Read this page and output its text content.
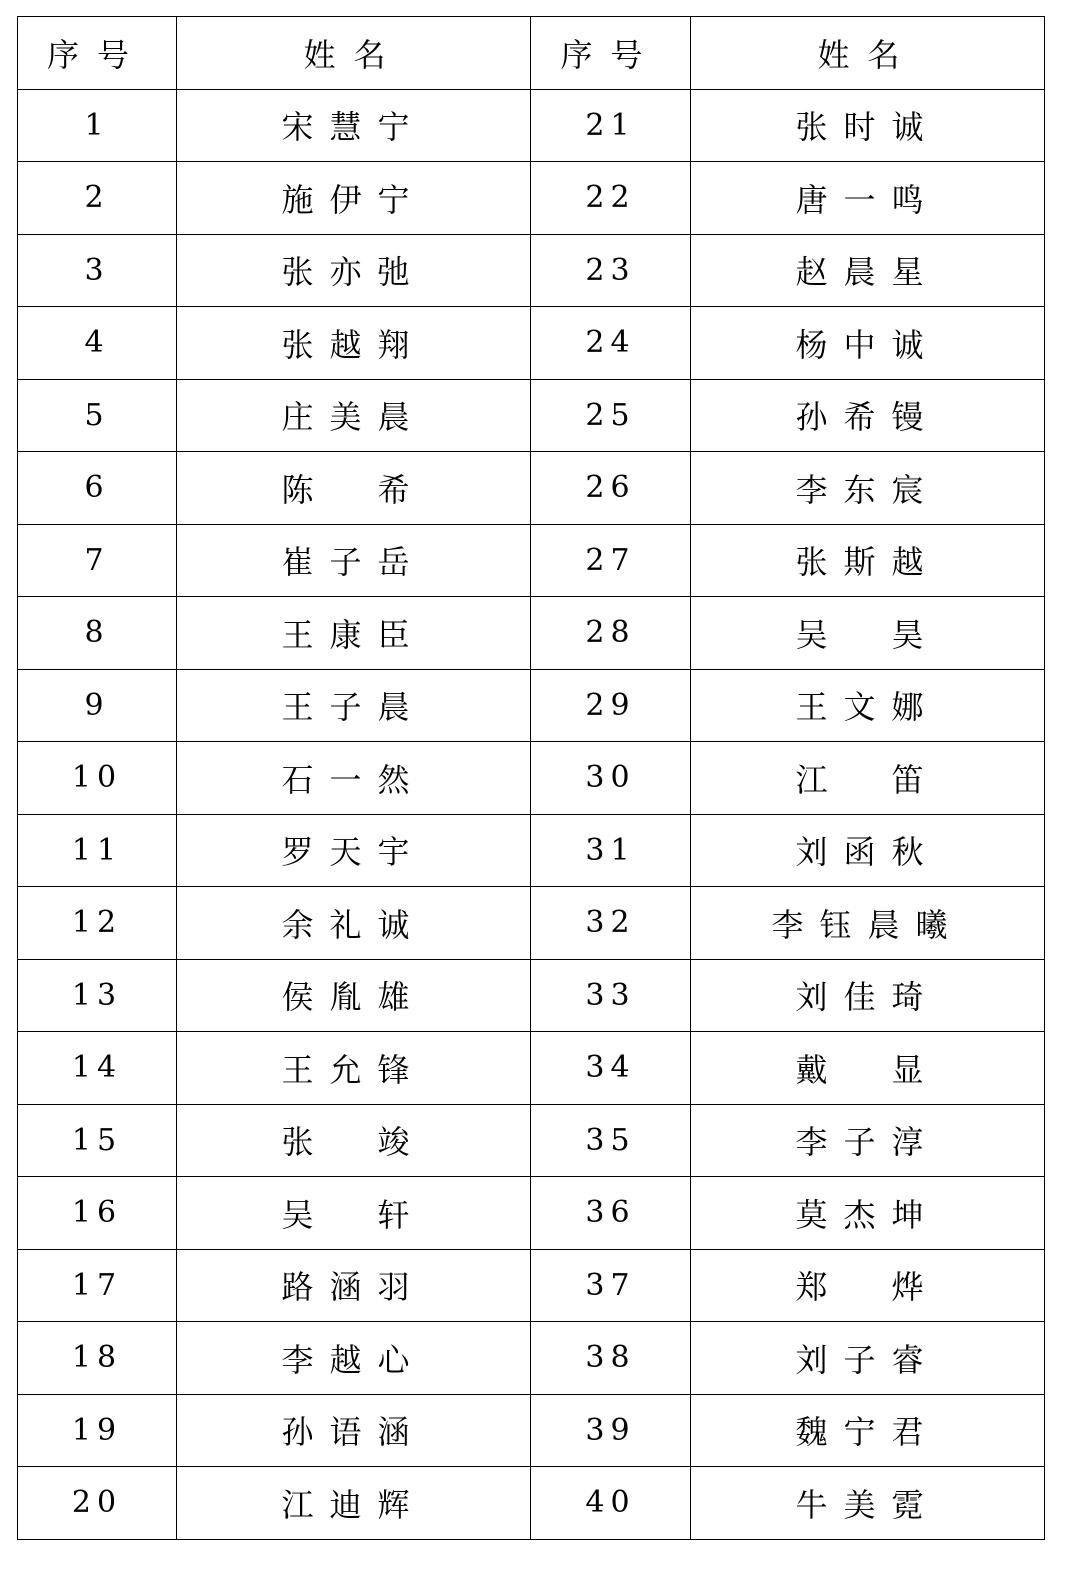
序号	姓名	序号	姓名
1	宋慧宁	21	张时诚
2	施伊宁	22	唐一鸣
3	张亦弛	23	赵晨星
4	张越翔	24	杨中诚
5	庄美晨	25	孙希镘
6	陈　希	26	李东宸
7	崔子岳	27	张斯越
8	王康臣	28	吴　昊
9	王子晨	29	王文娜
10	石一然	30	江　笛
11	罗天宇	31	刘函秋
12	余礼诚	32	李钰晨曦
13	侯胤雄	33	刘佳琦
14	王允锋	34	戴　显
15	张　竣	35	李子淳
16	吴　轩	36	莫杰坤
17	路涵羽	37	郑　烨
18	李越心	38	刘子睿
19	孙语涵	39	魏宁君
20	江迪辉	40	牛美霓
